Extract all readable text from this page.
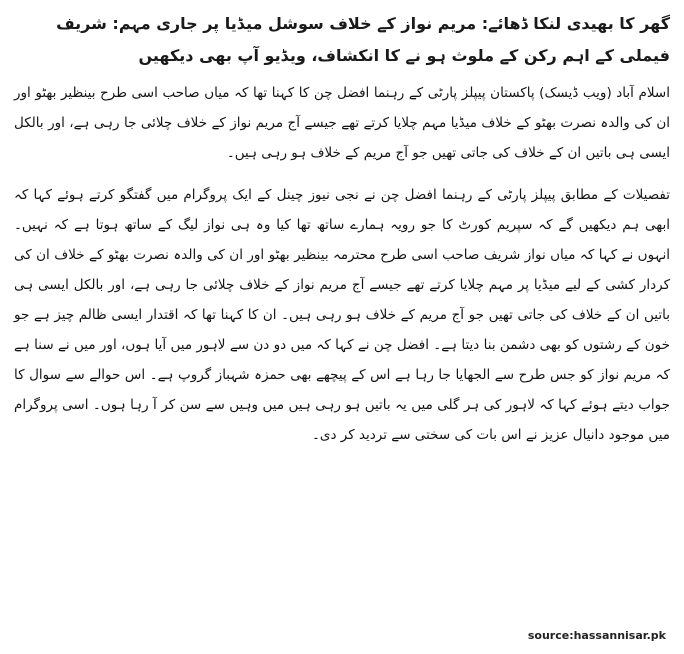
گھر کا بھیدی لنکا ڈھائے: مریم نواز کے خلاف سوشل میڈیا پر جاری مہم: شریف فیملی کے اہم رکن کے ملوث ہو نے کا انکشاف، ویڈیو آپ بھی دیکھیں

اسلام آباد (ویب ڈیسک) پاکستان پیپلز پارٹی کے رہنما افضل چن کا کہنا تھا کہ میاں صاحب اسی طرح بینظیر بھٹو اور ان کی والدہ نصرت بھٹو کے خلاف میڈیا مہم چلایا کرتے تھے جیسے آج مریم نواز کے خلاف چلائی جا رہی ہے، اور بالکل ایسی ہی باتیں ان کے خلاف کی جاتی تھیں جو آج مریم کے خلاف ہو رہی ہیں۔

تفصیلات کے مطابق پیپلز پارٹی کے رہنما افضل چن نے نجی نیوز چینل کے ایک پروگرام میں گفتگو کرتے ہوئے کہا کہ ابھی ہم دیکھیں گے کہ سپریم کورٹ کا جو رویہ ہمارے ساتھ تھا کیا وہ ہی نواز لیگ کے ساتھ ہوتا ہے کہ نہیں۔ انہوں نے کہا کہ میاں نواز شریف صاحب اسی طرح محترمہ بینظیر بھٹو اور ان کی والدہ نصرت بھٹو کے خلاف ان کی کردار کشی کے لیے میڈیا پر مہم چلایا کرتے تھے جیسے آج مریم نواز کے خلاف چلائی جا رہی ہے، اور بالکل ایسی ہی باتیں ان کے خلاف کی جاتی تھیں جو آج مریم کے خلاف ہو رہی ہیں۔ ان کا کہنا تھا کہ اقتدار ایسی ظالم چیز ہے جو خون کے رشتوں کو بھی دشمن بنا دیتا ہے۔ افضل چن نے کہا کہ میں دو دن سے لاہور میں آیا ہوں، اور میں نے سنا ہے کہ مریم نواز کو جس طرح سے الجھایا جا رہا ہے اس کے پیچھے بھی حمزہ شہباز گروپ ہے۔ اس حوالے سے سوال کا جواب دیتے ہوئے کہا کہ لاہور کی ہر گلی میں یہ باتیں ہو رہی ہیں میں وہیں سے سن کر آ رہا ہوں۔ اسی پروگرام میں موجود دانیال عزیز نے اس بات کی سختی سے تردید کر دی۔

source:hassannisar.pk
